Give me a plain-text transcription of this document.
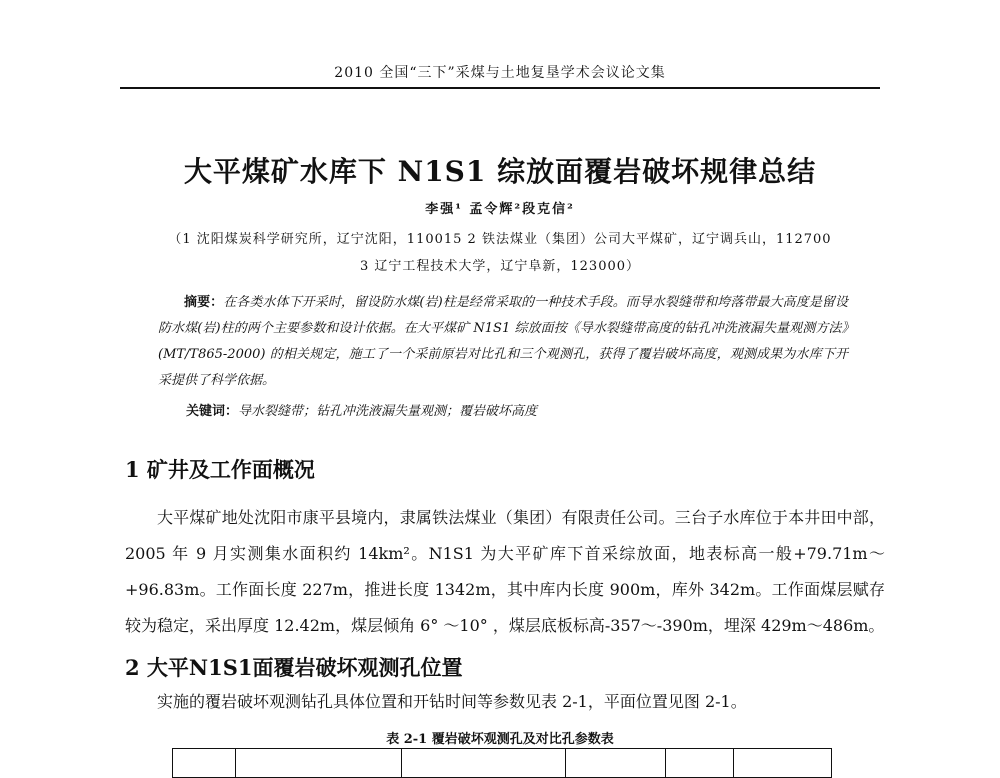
2010 全国“三下”采煤与土地复垦学术会议论文集
大平煤矿水库下 N1S1 综放面覆岩破坏规律总结
李强¹ 孟令辉²段克信²
（1 沈阳煤炭科学研究所，辽宁沈阳，110015 2 铁法煤业（集团）公司大平煤矿，辽宁调兵山，112700
3 辽宁工程技术大学，辽宁阜新，123000）
摘要：在各类水体下开采时，留设防水煤(岩)柱是经常采取的一种技术手段。而导水裂缝带和垮落带最大高度是留设防水煤(岩)柱的两个主要参数和设计依据。在大平煤矿 N1S1 综放面按《导水裂缝带高度的钻孔冲洗液漏失量观测方法》(MT/T865-2000) 的相关规定，施工了一个采前原岩对比孔和三个观测孔，获得了覆岩破坏高度，观测成果为水库下开采提供了科学依据。
关键词：导水裂缝带；钻孔冲洗液漏失量观测；覆岩破坏高度
1 矿井及工作面概况
大平煤矿地处沈阳市康平县境内，隶属铁法煤业（集团）有限责任公司。三台子水库位于本井田中部，2005 年 9 月实测集水面积约 14km²。N1S1 为大平矿库下首采综放面，地表标高一般+79.71m～+96.83m。工作面长度 227m，推进长度 1342m，其中库内长度 900m，库外 342m。工作面煤层赋存较为稳定，采出厚度 12.42m，煤层倾角 6° ～10° ，煤层底板标高-357～-390m，埋深 429m～486m。
2 大平N1S1面覆岩破坏观测孔位置
实施的覆岩破坏观测钻孔具体位置和开钻时间等参数见表 2-1，平面位置见图 2-1。
表 2-1 覆岩破坏观测孔及对比孔参数表
